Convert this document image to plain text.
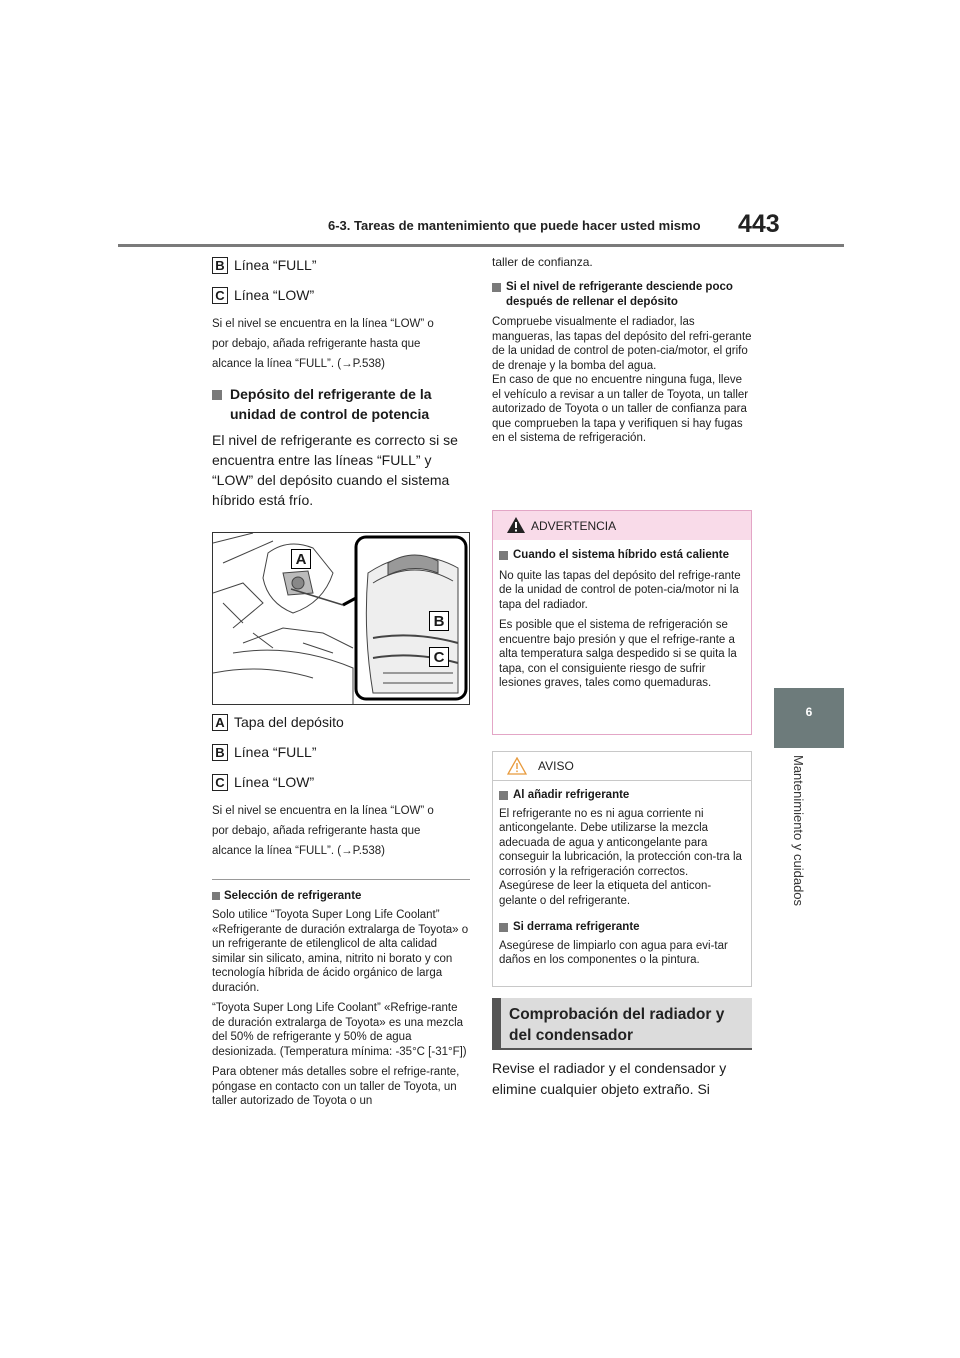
6-3. Tareas de mantenimiento que puede hacer usted mismo 443
6
Mantenimiento y cuidados
B Línea “FULL”
C Línea “LOW”
Si el nivel se encuentra en la línea “LOW” o
por debajo, añada refrigerante hasta que
alcance la línea “FULL”. (→P.538)
Depósito del refrigerante de la
unidad de control de potencia
El nivel de refrigerante es correcto si se
encuentra entre las líneas “FULL” y
“LOW” del depósito cuando el sistema
híbrido está frío.
A
B
C
A Tapa del depósito
B Línea “FULL”
C Línea “LOW”
Si el nivel se encuentra en la línea “LOW” o
por debajo, añada refrigerante hasta que
alcance la línea “FULL”. (→P.538)
Selección de refrigerante
Solo utilice “Toyota Super Long Life Coolant” «Refrigerante de duración extralarga de Toyota» o un refrigerante de etilenglicol de alta calidad similar sin silicato, amina, nitrito ni borato y con tecnología híbrida de ácido orgánico de larga duración.
“Toyota Super Long Life Coolant” «Refrige-rante de duración extralarga de Toyota» es una mezcla del 50% de refrigerante y 50% de agua desionizada. (Temperatura mínima: -35°C [-31°F])
Para obtener más detalles sobre el refrige-rante, póngase en contacto con un taller de Toyota, un taller autorizado de Toyota o un
taller de confianza.
Si el nivel de refrigerante desciende poco después de rellenar el depósito
Compruebe visualmente el radiador, las mangueras, las tapas del depósito del refri-gerante de la unidad de control de poten-cia/motor, el grifo de drenaje y la bomba del agua.
En caso de que no encuentre ninguna fuga, lleve el vehículo a revisar a un taller de Toyota, un taller autorizado de Toyota o un taller de confianza para que comprueben la tapa y verifiquen si hay fugas en el sistema de refrigeración.
ADVERTENCIA
Cuando el sistema híbrido está caliente
No quite las tapas del depósito del refrige-rante de la unidad de control de poten-cia/motor ni la tapa del radiador.
Es posible que el sistema de refrigeración se encuentre bajo presión y que el refrige-rante a alta temperatura salga despedido si se quita la tapa, con el consiguiente riesgo de sufrir lesiones graves, tales como quemaduras.
AVISO
Al añadir refrigerante
El refrigerante no es ni agua corriente ni anticongelante. Debe utilizarse la mezcla adecuada de agua y anticongelante para conseguir la lubricación, la protección con-tra la corrosión y la refrigeración correctos. Asegúrese de leer la etiqueta del anticon-gelante o del refrigerante.
Si derrama refrigerante
Asegúrese de limpiarlo con agua para evi-tar daños en los componentes o la pintura.
Comprobación del radiador y
del condensador
Revise el radiador y el condensador y
elimine cualquier objeto extraño. Si
